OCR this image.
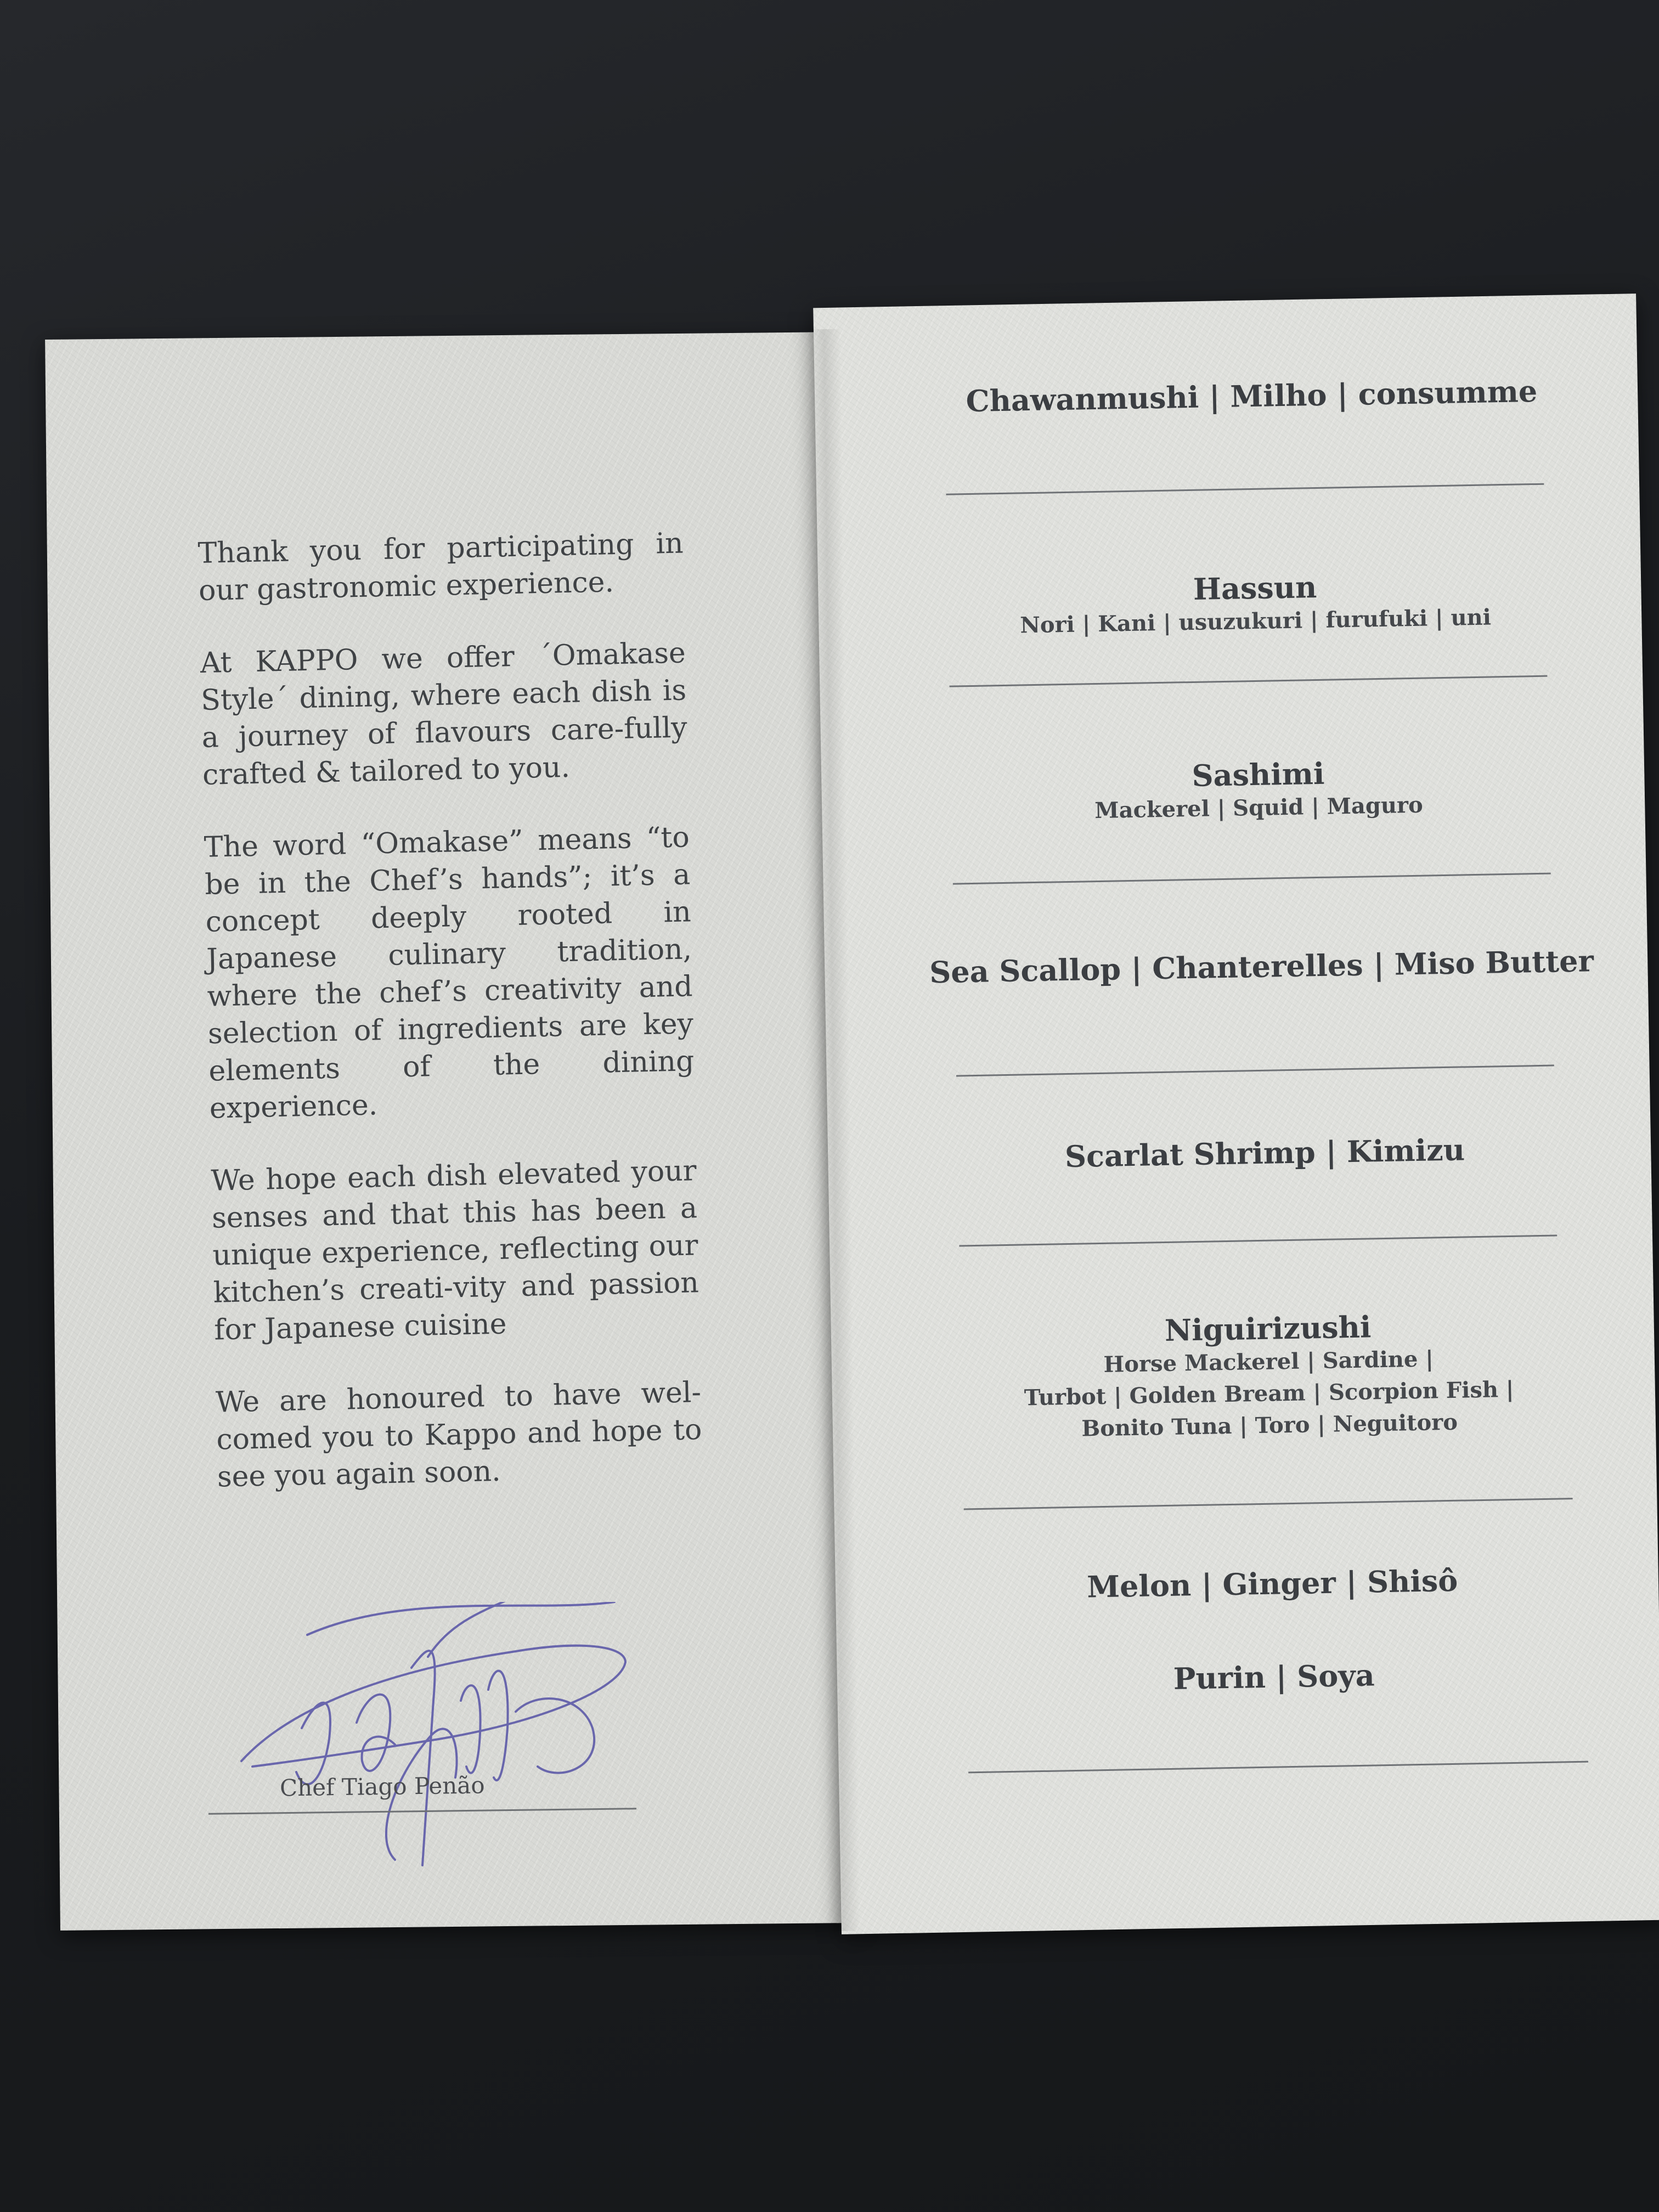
Thank you for participating in our gastronomic experience.

At KAPPO we offer ´Omakase Style´ dining, where each dish is a journey of flavours care-fully crafted & tailored to you.

The word “Omakase” means “to be in the Chef’s hands”; it’s a concept deeply rooted in Japanese culinary tradition, where the chef’s creativity and selection of ingredients are key elements of the dining experience.

We hope each dish elevated your senses and that this has been a unique experience, reflecting our kitchen’s creati-vity and passion for Japanese cuisine

We are honoured to have wel-comed you to Kappo and hope to see you again soon.

Chef Tiago Penão
Chawanmushi | Milho | consumme
Hassun
Nori | Kani | usuzukuri | furufuki | uni
Sashimi
Mackerel | Squid | Maguro
Sea Scallop | Chanterelles | Miso Butter
Scarlat Shrimp | Kimizu
Niguirizushi
Horse Mackerel | Sardine |
Turbot | Golden Bream | Scorpion Fish |
Bonito Tuna | Toro | Neguitoro
Melon | Ginger | Shisô
Purin | Soya
